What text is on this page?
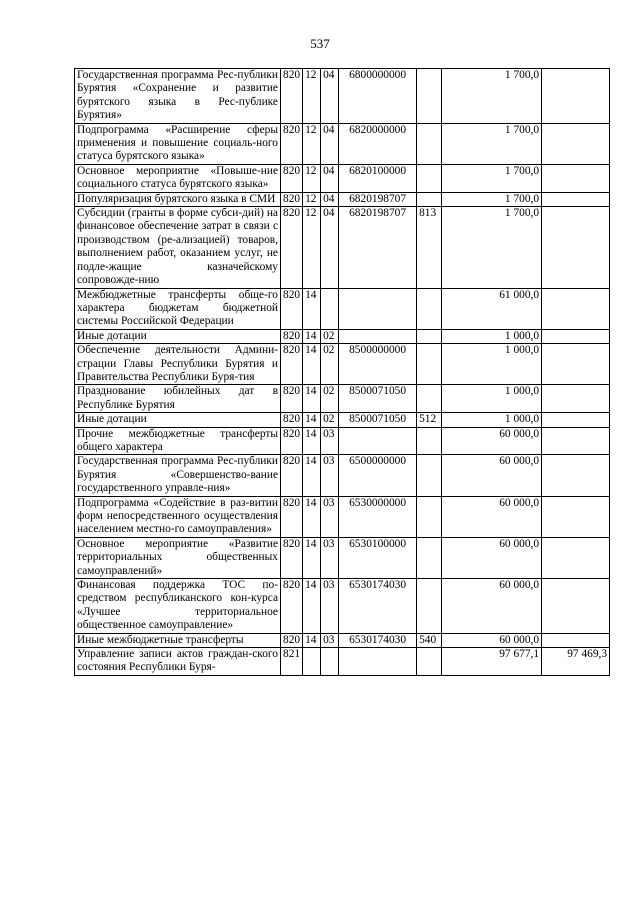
537
Государственная программа Рес-публики Бурятия «Сохранение и развитие бурятского языка в Рес-публике Бурятия»	820	12	04	6800000000		1 700,0	
Подпрограмма «Расширение сферы применения и повышение социаль-ного статуса бурятского языка»	820	12	04	6820000000		1 700,0	
Основное мероприятие «Повыше-ние социального статуса бурятского языка»	820	12	04	6820100000		1 700,0	
Популяризация бурятского языка в СМИ	820	12	04	6820198707		1 700,0	
Субсидии (гранты в форме субси-дий) на финансовое обеспечение затрат в связи с производством (ре-ализацией) товаров, выполнением работ, оказанием услуг, не подле-жащие казначейскому сопровожде-нию	820	12	04	6820198707	813	1 700,0	
Межбюджетные трансферты обще-го характера бюджетам бюджетной системы Российской Федерации	820	14				61 000,0	
Иные дотации	820	14	02			1 000,0	
Обеспечение деятельности Админи-страции Главы Республики Бурятия и Правительства Республики Буря-тия	820	14	02	8500000000		1 000,0	
Празднование юбилейных дат в Республике Бурятия	820	14	02	8500071050		1 000,0	
Иные дотации	820	14	02	8500071050	512	1 000,0	
Прочие межбюджетные трансферты общего характера	820	14	03			60 000,0	
Государственная программа Рес-публики Бурятия «Совершенство-вание государственного управле-ния»	820	14	03	6500000000		60 000,0	
Подпрограмма «Содействие в раз-витии форм непосредственного осуществления населением местно-го самоуправления»	820	14	03	6530000000		60 000,0	
Основное мероприятие «Развитие территориальных общественных самоуправлений»	820	14	03	6530100000		60 000,0	
Финансовая поддержка ТОС по-средством республиканского кон-курса «Лучшее территориальное общественное самоуправление»	820	14	03	6530174030		60 000,0	
Иные межбюджетные трансферты	820	14	03	6530174030	540	60 000,0	
Управление записи актов граждан-ского состояния Республики Буря-	821					97 677,1	97 469,3
